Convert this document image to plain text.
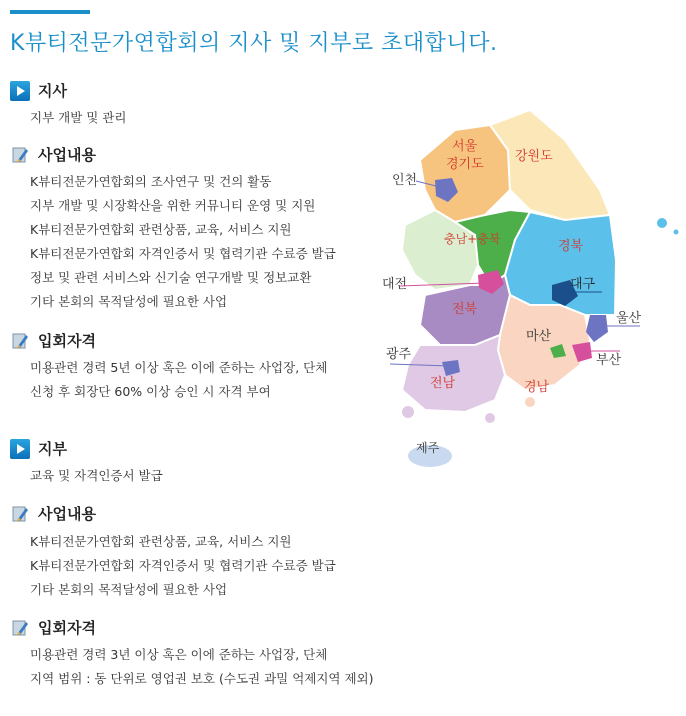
K뷰티전문가연합회의 지사 및 지부로 초대합니다.
지사
지부 개발 및 관리
사업내용
K뷰티전문가연합회의 조사연구 및 건의 활동
지부 개발 및 시장확산을 위한 커뮤니티 운영 및 지원
K뷰티전문가연합회 관련상품, 교육, 서비스 지원
K뷰티전문가연합회 자격인증서 및 협력기관 수료증 발급
정보 및 관련 서비스와 신기술 연구개발 및 정보교환
기타 본회의 목적달성에 필요한 사업
입회자격
미용관련 경력 5년 이상 혹은 이에 준하는 사업장, 단체
신청 후 회장단 60% 이상 승인 시 자격 부여
지부
교육 및 자격인증서 발급
사업내용
K뷰티전문가연합회 관련상품, 교육, 서비스 지원
K뷰티전문가연합회 자격인증서 및 협력기관 수료증 발급
기타 본회의 목적달성에 필요한 사업
입회자격
미용관련 경력 3년 이상 혹은 이에 준하는 사업장, 단체
지역 범위 : 동 단위로 영업권 보호 (수도권 과밀 억제지역 제외)
서울
경기도
강원도
인천
충남+충북	경북
대전	대구
전북
울산
마산
부산
광주
전남	경남
제주
